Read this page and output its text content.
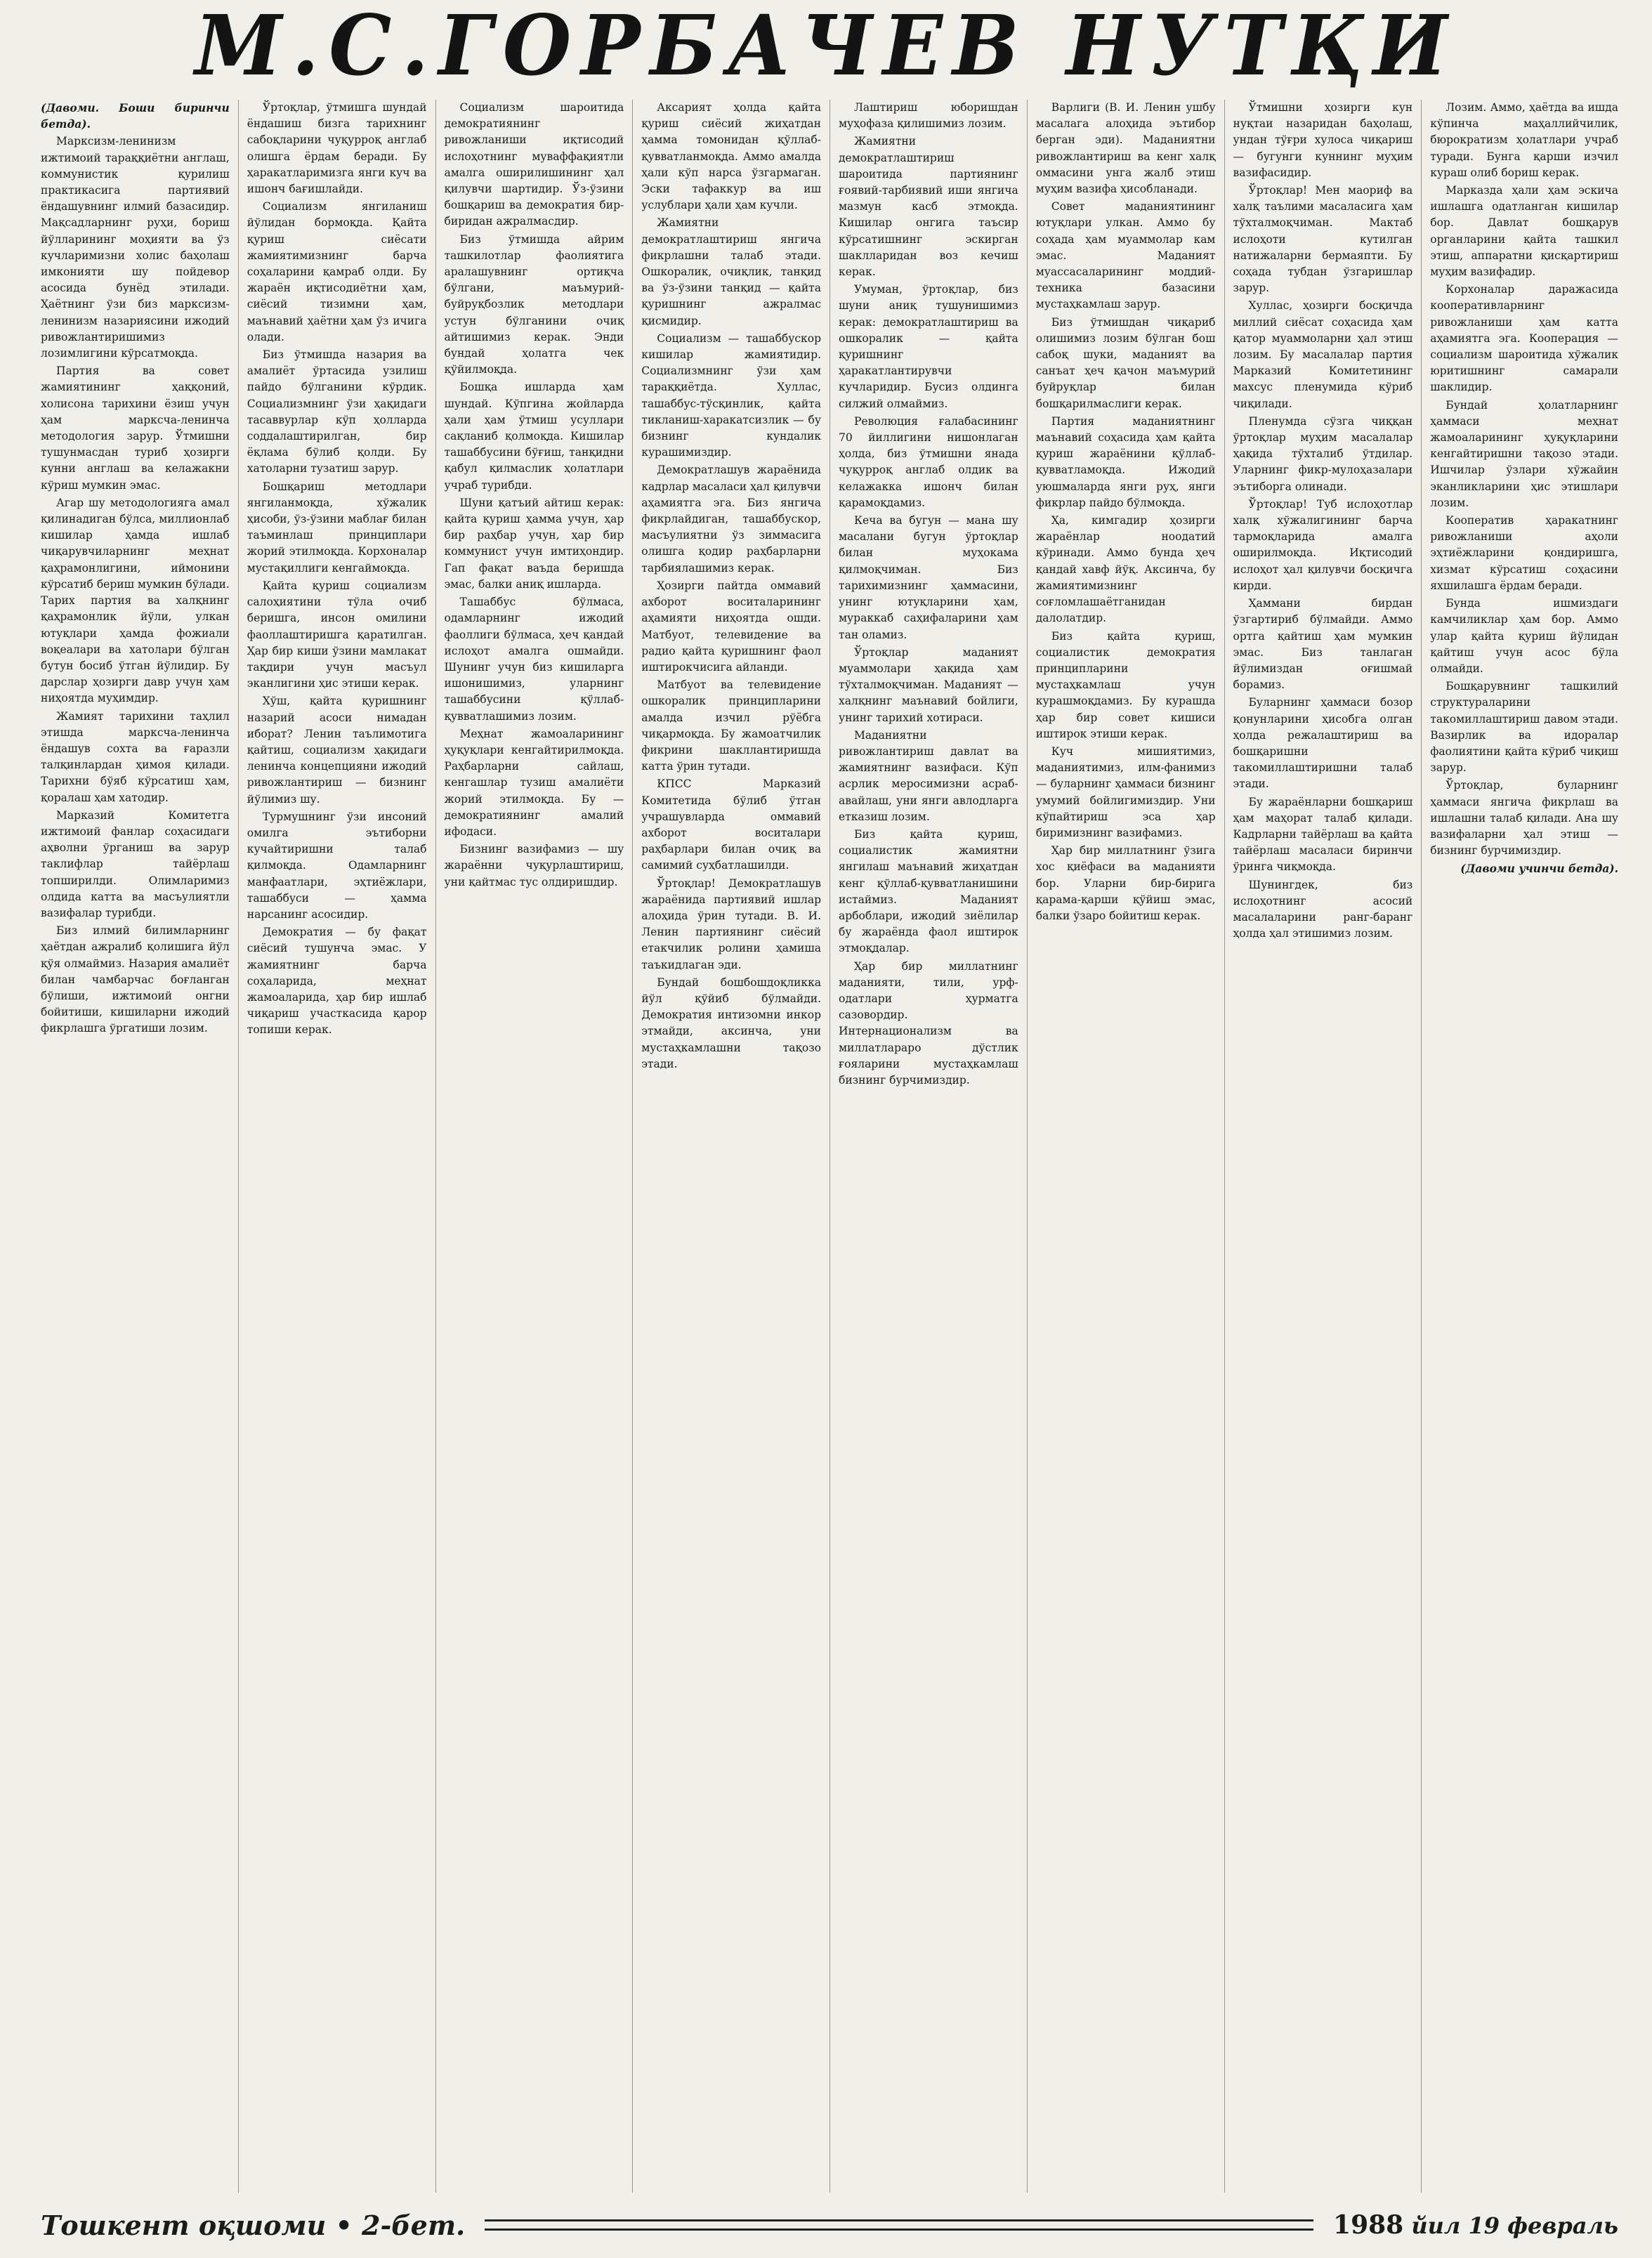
М.С.ГОРБАЧЕВ НУТҚИ

(Давоми. Боши биринчи бетда).

Марксизм-ленинизм ижтимоий тараққиётни англаш, коммунистик қурилиш практикасига партиявий ёндашувнинг илмий базасидир. Мақсадларнинг руҳи, бориш йўлларининг моҳияти ва ўз кучларимизни холис баҳолаш имконияти шу пойдевор асосида бунёд этилади. Ҳаётнинг ўзи биз марксизм-ленинизм назариясини ижодий ривожлантиришимиз лозимлигини кўрсатмоқда.

Партия ва совет жамиятининг ҳаққоний, холисона тарихини ёзиш учун ҳам марксча-ленинча методология зарур. Ўтмишни тушунмасдан туриб ҳозирги кунни англаш ва келажакни кўриш мумкин эмас.

Агар шу методологияга амал қилинадиган бўлса, миллионлаб кишилар ҳамда ишлаб чиқарувчиларнинг меҳнат қаҳрамонлигини, иймонини кўрсатиб бериш мумкин бўлади. Тарих партия ва халқнинг қаҳрамонлик йўли, улкан ютуқлари ҳамда фожиали воқеалари ва хатолари бўлган бутун босиб ўтган йўлидир. Бу дарслар ҳозирги давр учун ҳам ниҳоятда муҳимдир.

Жамият тарихини таҳлил этишда марксча-ленинча ёндашув сохта ва ғаразли талқинлардан ҳимоя қилади. Тарихни бўяб кўрсатиш ҳам, қоралаш ҳам хатодир.

Марказий Комитетга ижтимоий фанлар соҳасидаги аҳволни ўрганиш ва зарур таклифлар тайёрлаш топширилди. Олимларимиз олдида катта ва масъулиятли вазифалар турибди.

Биз илмий билимларнинг ҳаётдан ажралиб қолишига йўл қўя олмаймиз. Назария амалиёт билан чамбарчас боғланган бўлиши, ижтимоий онгни бойитиши, кишиларни ижодий фикрлашга ўргатиши лозим.

Ўртоқлар, ўтмишга шундай ёндашиш бизга тарихнинг сабоқларини чуқурроқ англаб олишга ёрдам беради. Бу ҳаракатларимизга янги куч ва ишонч бағишлайди.

Социализм янгиланиш йўлидан бормоқда. Қайта қуриш сиёсати жамиятимизнинг барча соҳаларини қамраб олди. Бу жараён иқтисодиётни ҳам, сиёсий тизимни ҳам, маънавий ҳаётни ҳам ўз ичига олади.

Биз ўтмишда назария ва амалиёт ўртасида узилиш пайдо бўлганини кўрдик. Социализмнинг ўзи ҳақидаги тасаввурлар кўп ҳолларда соддалаштирилган, бир ёқлама бўлиб қолди. Бу хатоларни тузатиш зарур.

Бошқариш методлари янгиланмоқда, хўжалик ҳисоби, ўз-ўзини маблағ билан таъминлаш принциплари жорий этилмоқда. Корхоналар мустақиллиги кенгаймоқда.

Қайта қуриш социализм салоҳиятини тўла очиб беришга, инсон омилини фаоллаштиришга қаратилган. Ҳар бир киши ўзини мамлакат тақдири учун масъул эканлигини ҳис этиши керак.

Хўш, қайта қуришнинг назарий асоси нимадан иборат? Ленин таълимотига қайтиш, социализм ҳақидаги ленинча концепцияни ижодий ривожлантириш — бизнинг йўлимиз шу.

Турмушнинг ўзи инсоний омилга эътиборни кучайтиришни талаб қилмоқда. Одамларнинг манфаатлари, эҳтиёжлари, ташаббуси — ҳамма нарсанинг асосидир.

Демократия — бу фақат сиёсий тушунча эмас. У жамиятнинг барча соҳаларида, меҳнат жамоаларида, ҳар бир ишлаб чиқариш участкасида қарор топиши керак.

Социализм шароитида демократиянинг ривожланиши иқтисодий ислоҳотнинг муваффақиятли амалга оширилишининг ҳал қилувчи шартидир. Ўз-ўзини бошқариш ва демократия бир-биридан ажралмасдир.

Биз ўтмишда айрим ташкилотлар фаолиятига аралашувнинг ортиқча бўлгани, маъмурий-буйруқбозлик методлари устун бўлганини очиқ айтишимиз керак. Энди бундай ҳолатга чек қўйилмоқда.

Бошқа ишларда ҳам шундай. Кўпгина жойларда ҳали ҳам ўтмиш усуллари сақланиб қолмоқда. Кишилар ташаббусини бўғиш, танқидни қабул қилмаслик ҳолатлари учраб турибди.

Шуни қатъий айтиш керак: қайта қуриш ҳамма учун, ҳар бир раҳбар учун, ҳар бир коммунист учун имтиҳондир. Гап фақат ваъда беришда эмас, балки аниқ ишларда.

Ташаббус бўлмаса, одамларнинг ижодий фаоллиги бўлмаса, ҳеч қандай ислоҳот амалга ошмайди. Шунинг учун биз кишиларга ишонишимиз, уларнинг ташаббусини қўллаб-қувватлашимиз лозим.

Меҳнат жамоаларининг ҳуқуқлари кенгайтирилмоқда. Раҳбарларни сайлаш, кенгашлар тузиш амалиёти жорий этилмоқда. Бу — демократиянинг амалий ифодаси.

Бизнинг вазифамиз — шу жараённи чуқурлаштириш, уни қайтмас тус олдиришдир.

Аксарият ҳолда қайта қуриш сиёсий жиҳатдан ҳамма томонидан қўллаб-қувватланмоқда. Аммо амалда ҳали кўп нарса ўзгармаган. Эски тафаккур ва иш услублари ҳали ҳам кучли.

Жамиятни демократлаштириш янгича фикрлашни талаб этади. Ошкоралик, очиқлик, танқид ва ўз-ўзини танқид — қайта қуришнинг ажралмас қисмидир.

Социализм — ташаббускор кишилар жамиятидир. Социализмнинг ўзи ҳам тараққиётда. Хуллас, ташаббус-тўсқинлик, қайта тикланиш-харакатсизлик — бу бизнинг кундалик курашимиздир.

Демократлашув жараёнида кадрлар масаласи ҳал қилувчи аҳамиятга эга. Биз янгича фикрлайдиган, ташаббускор, масъулиятни ўз зиммасига олишга қодир раҳбарларни тарбиялашимиз керак.

Ҳозирги пайтда оммавий ахборот воситаларининг аҳамияти ниҳоятда ошди. Матбуот, телевидение ва радио қайта қуришнинг фаол иштирокчисига айланди.

Матбуот ва телевидение ошкоралик принципларини амалда изчил рўёбга чиқармоқда. Бу жамоатчилик фикрини шакллантиришда катта ўрин тутади.

КПСС Марказий Комитетида бўлиб ўтган учрашувларда оммавий ахборот воситалари раҳбарлари билан очиқ ва самимий суҳбатлашилди.

Ўртоқлар! Демократлашув жараёнида партиявий ишлар алоҳида ўрин тутади. В. И. Ленин партиянинг сиёсий етакчилик ролини ҳамиша таъкидлаган эди.

Бундай бошбошдоқликка йўл қўйиб бўлмайди. Демократия интизомни инкор этмайди, аксинча, уни мустаҳкамлашни тақозо этади.

Лаштириш юборишдан муҳофаза қилишимиз лозим.

Жамиятни демократлаштириш шароитида партиянинг ғоявий-тарбиявий иши янгича мазмун касб этмоқда. Кишилар онгига таъсир кўрсатишнинг эскирган шаклларидан воз кечиш керак.

Умуман, ўртоқлар, биз шуни аниқ тушунишимиз керак: демократлаштириш ва ошкоралик — қайта қуришнинг ҳаракатлантирувчи кучларидир. Бусиз олдинга силжий олмаймиз.

Революция ғалабасининг 70 йиллигини нишонлаган ҳолда, биз ўтмишни янада чуқурроқ англаб олдик ва келажакка ишонч билан қарамоқдамиз.

Кеча ва бугун — мана шу масалани бугун ўртоқлар билан муҳокама қилмоқчиман. Биз тарихимизнинг ҳаммасини, унинг ютуқларини ҳам, мураккаб саҳифаларини ҳам тан оламиз.

Ўртоқлар маданият муаммолари ҳақида ҳам тўхталмоқчиман. Маданият — халқнинг маънавий бойлиги, унинг тарихий хотираси.

Маданиятни ривожлантириш давлат ва жамиятнинг вазифаси. Кўп асрлик меросимизни асраб-авайлаш, уни янги авлодларга етказиш лозим.

Биз қайта қуриш, социалистик жамиятни янгилаш маънавий жиҳатдан кенг қўллаб-қувватланишини истаймиз. Маданият арбоблари, ижодий зиёлилар бу жараёнда фаол иштирок этмоқдалар.

Ҳар бир миллатнинг маданияти, тили, урф-одатлари ҳурматга сазовордир. Интернационализм ва миллатлараро дўстлик ғояларини мустаҳкамлаш бизнинг бурчимиздир.

Варлиги (В. И. Ленин ушбу масалага алоҳида эътибор берган эди). Маданиятни ривожлантириш ва кенг халқ оммасини унга жалб этиш муҳим вазифа ҳисобланади.

Совет маданиятининг ютуқлари улкан. Аммо бу соҳада ҳам муаммолар кам эмас. Маданият муассасаларининг моддий-техника базасини мустаҳкамлаш зарур.

Биз ўтмишдан чиқариб олишимиз лозим бўлган бош сабоқ шуки, маданият ва санъат ҳеч қачон маъмурий буйруқлар билан бошқарилмаслиги керак.

Партия маданиятнинг маънавий соҳасида ҳам қайта қуриш жараёнини қўллаб-қувватламоқда. Ижодий уюшмаларда янги руҳ, янги фикрлар пайдо бўлмоқда.

Ҳа, кимгадир ҳозирги жараёнлар ноодатий кўринади. Аммо бунда ҳеч қандай хавф йўқ. Аксинча, бу жамиятимизнинг соғломлашаётганидан далолатдир.

Биз қайта қуриш, социалистик демократия принципларини мустаҳкамлаш учун курашмоқдамиз. Бу курашда ҳар бир совет кишиси иштирок этиши керак.

Куч мишиятимиз, маданиятимиз, илм-фанимиз — буларнинг ҳаммаси бизнинг умумий бойлигимиздир. Уни кўпайтириш эса ҳар биримизнинг вазифамиз.

Ҳар бир миллатнинг ўзига хос қиёфаси ва маданияти бор. Уларни бир-бирига қарама-қарши қўйиш эмас, балки ўзаро бойитиш керак.

Ўтмишни ҳозирги кун нуқтаи назаридан баҳолаш, ундан тўғри хулоса чиқариш — бугунги куннинг муҳим вазифасидир.

Ўртоқлар! Мен маориф ва халқ таълими масаласига ҳам тўхталмоқчиман. Мактаб ислоҳоти кутилган натижаларни бермаяпти. Бу соҳада тубдан ўзгаришлар зарур.

Хуллас, ҳозирги босқичда миллий сиёсат соҳасида ҳам қатор муаммоларни ҳал этиш лозим. Бу масалалар партия Марказий Комитетининг махсус пленумида кўриб чиқилади.

Пленумда сўзга чиққан ўртоқлар муҳим масалалар ҳақида тўхталиб ўтдилар. Уларнинг фикр-мулоҳазалари эътиборга олинади.

Ўртоқлар! Туб ислоҳотлар халқ хўжалигининг барча тармоқларида амалга оширилмоқда. Иқтисодий ислоҳот ҳал қилувчи босқичга кирди.

Ҳаммани бирдан ўзгартириб бўлмайди. Аммо ортга қайтиш ҳам мумкин эмас. Биз танлаган йўлимиздан оғишмай борамиз.

Буларнинг ҳаммаси бозор қонунларини ҳисобга олган ҳолда режалаштириш ва бошқаришни такомиллаштиришни талаб этади.

Бу жараёнларни бошқариш ҳам маҳорат талаб қилади. Кадрларни тайёрлаш ва қайта тайёрлаш масаласи биринчи ўринга чиқмоқда.

Шунингдек, биз ислоҳотнинг асосий масалаларини ранг-баранг ҳолда ҳал этишимиз лозим.

Лозим. Аммо, ҳаётда ва ишда кўпинча маҳаллийчилик, бюрократизм ҳолатлари учраб туради. Бунга қарши изчил кураш олиб бориш керак.

Марказда ҳали ҳам эскича ишлашга одатланган кишилар бор. Давлат бошқарув органларини қайта ташкил этиш, аппаратни қисқартириш муҳим вазифадир.

Корхоналар даражасида кооперативларнинг ривожланиши ҳам катта аҳамиятга эга. Кооперация — социализм шароитида хўжалик юритишнинг самарали шаклидир.

Бундай ҳолатларнинг ҳаммаси меҳнат жамоаларининг ҳуқуқларини кенгайтиришни тақозо этади. Ишчилар ўзлари хўжайин эканликларини ҳис этишлари лозим.

Кооператив ҳаракатнинг ривожланиши аҳоли эҳтиёжларини қондиришга, хизмат кўрсатиш соҳасини яхшилашга ёрдам беради.

Бунда ишмиздаги камчиликлар ҳам бор. Аммо улар қайта қуриш йўлидан қайтиш учун асос бўла олмайди.

Бошқарувнинг ташкилий структураларини такомиллаштириш давом этади. Вазирлик ва идоралар фаолиятини қайта кўриб чиқиш зарур.

Ўртоқлар, буларнинг ҳаммаси янгича фикрлаш ва ишлашни талаб қилади. Ана шу вазифаларни ҳал этиш — бизнинг бурчимиздир.

(Давоми учинчи бетда).

Тошкент оқшоми • 2-бет.	1988 йил 19 февраль
